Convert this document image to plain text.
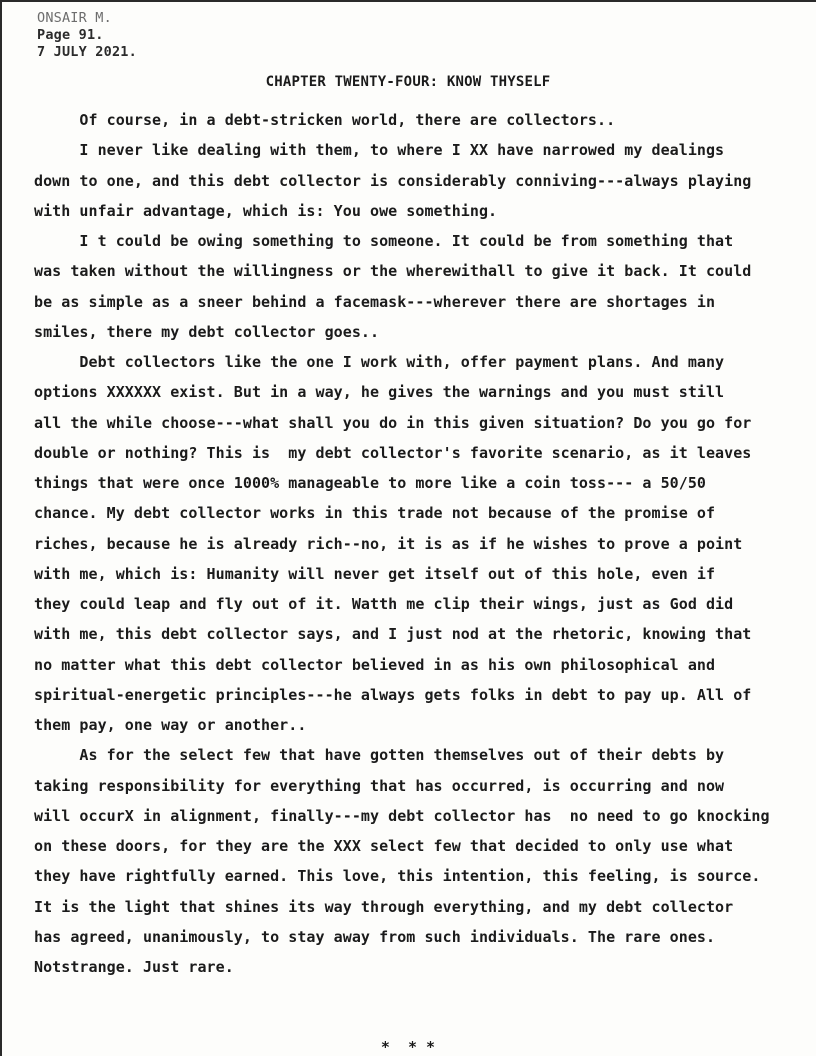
ONSAIR M.
Page 91.
7 JULY 2021.
CHAPTER TWENTY-FOUR: KNOW THYSELF
Of course, in a debt-stricken world, there are collectors..
I never like dealing with them, to where I XX have narrowed my dealings
down to one, and this debt collector is considerably conniving---always playing
with unfair advantage, which is: You owe something.
I t could be owing something to someone. It could be from something that
was taken without the willingness or the wherewithall to give it back. It could
be as simple as a sneer behind a facemask---wherever there are shortages in
smiles, there my debt collector goes..
Debt collectors like the one I work with, offer payment plans. And many
options XXXXXX exist. But in a way, he gives the warnings and you must still
all the while choose---what shall you do in this given situation? Do you go for
double or nothing? This is  my debt collector's favorite scenario, as it leaves
things that were once 1000% manageable to more like a coin toss--- a 50/50
chance. My debt collector works in this trade not because of the promise of
riches, because he is already rich--no, it is as if he wishes to prove a point
with me, which is: Humanity will never get itself out of this hole, even if
they could leap and fly out of it. Watth me clip their wings, just as God did
with me, this debt collector says, and I just nod at the rhetoric, knowing that
no matter what this debt collector believed in as his own philosophical and
spiritual-energetic principles---he always gets folks in debt to pay up. All of
them pay, one way or another..
As for the select few that have gotten themselves out of their debts by
taking responsibility for everything that has occurred, is occurring and now
will occurX in alignment, finally---my debt collector has  no need to go knocking
on these doors, for they are the XXX select few that decided to only use what
they have rightfully earned. This love, this intention, this feeling, is source.
It is the light that shines its way through everything, and my debt collector
has agreed, unanimously, to stay away from such individuals. The rare ones.
Notstrange. Just rare.
*  * *
